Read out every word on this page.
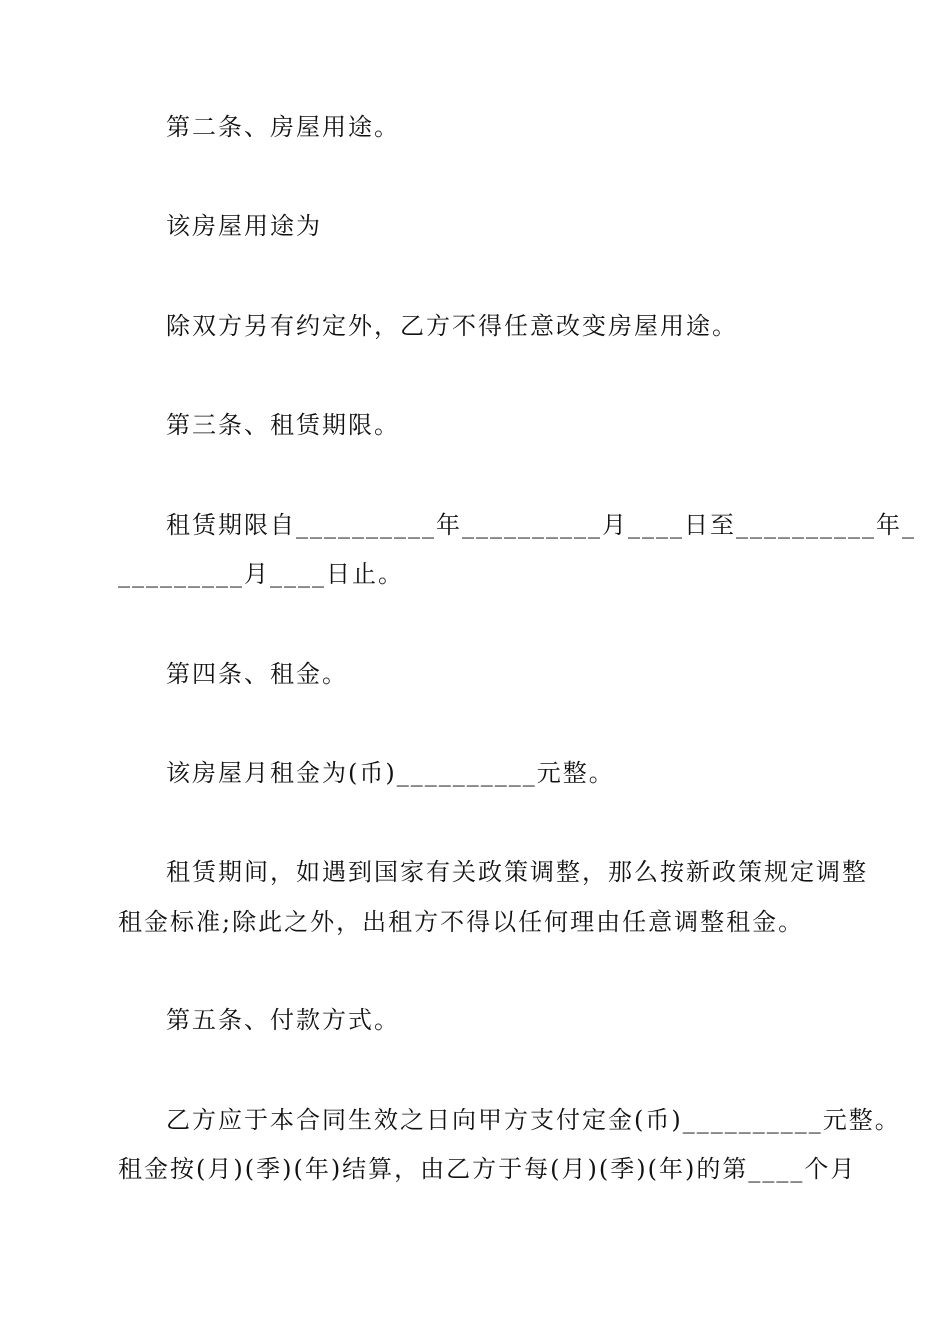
第二条、房屋用途。
该房屋用途为
除双方另有约定外，乙方不得任意改变房屋用途。
第三条、租赁期限。
租赁期限自__________年__________月____日至__________年_
_________月____日止。
第四条、租金。
该房屋月租金为(币)__________元整。
租赁期间，如遇到国家有关政策调整，那么按新政策规定调整
租金标准;除此之外，出租方不得以任何理由任意调整租金。
第五条、付款方式。
乙方应于本合同生效之日向甲方支付定金(币)__________元整。
租金按(月)(季)(年)结算，由乙方于每(月)(季)(年)的第____个月
